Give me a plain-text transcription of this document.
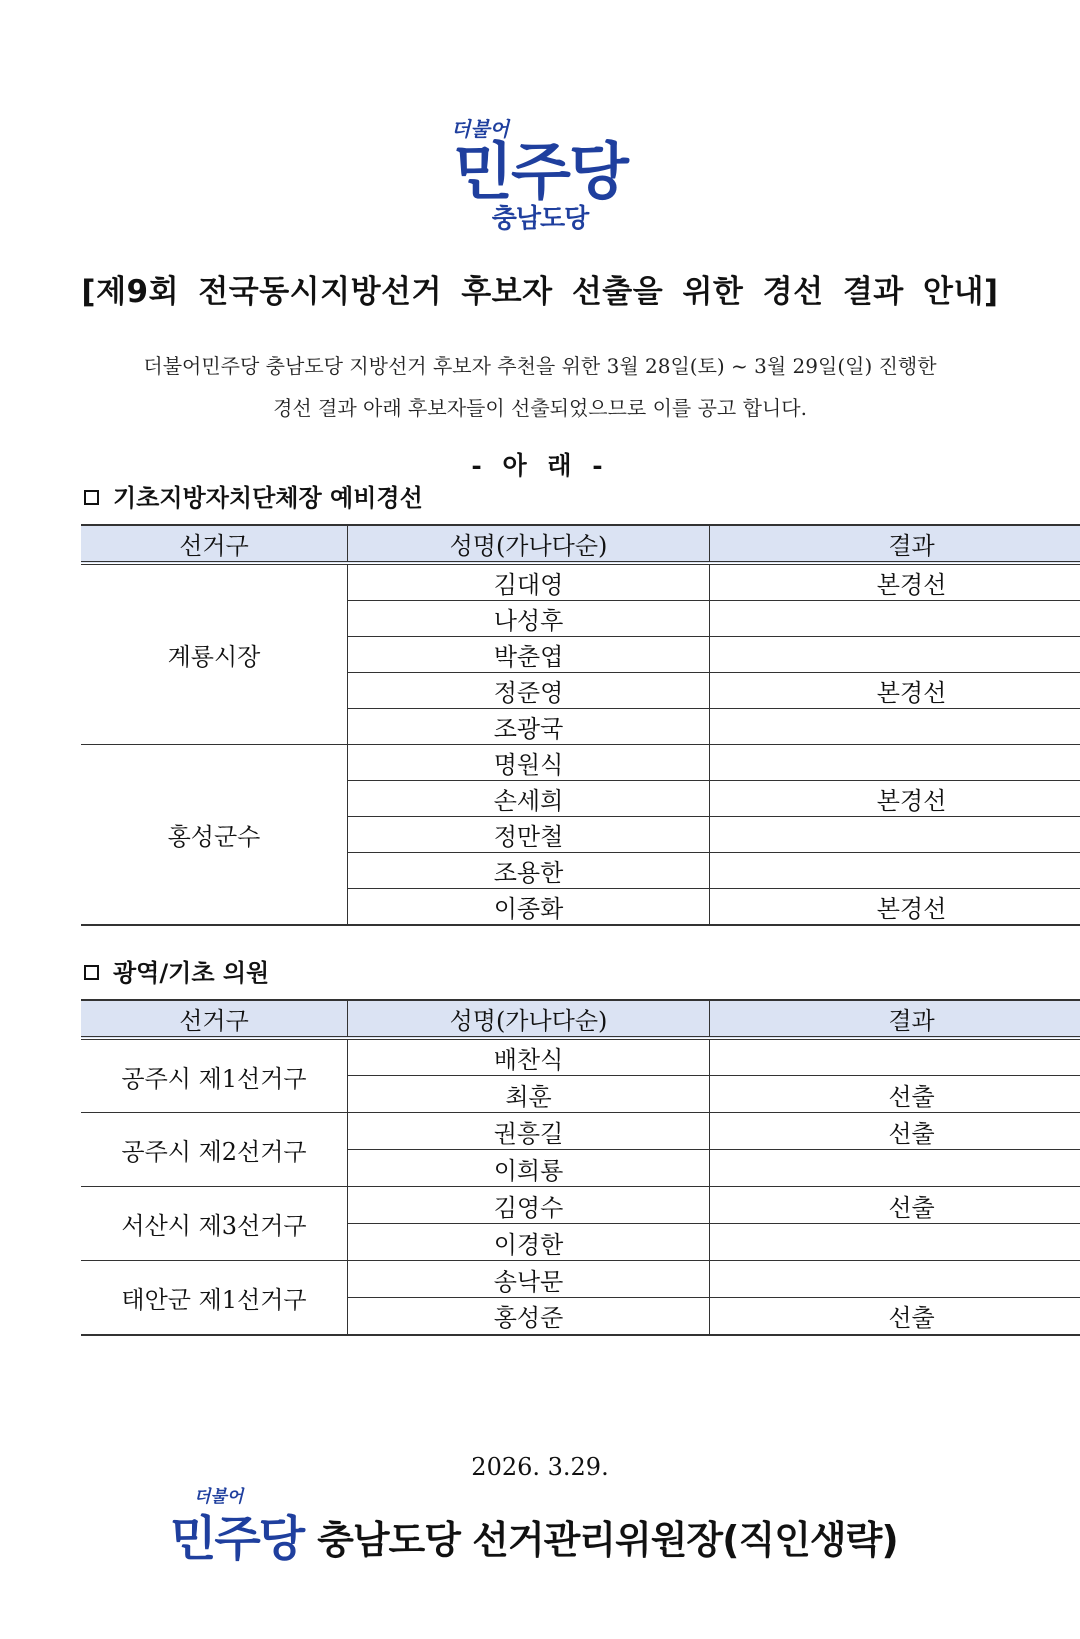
더불어
민주당
충남도당
[제9회 전국동시지방선거 후보자 선출을 위한 경선 결과 안내]
더불어민주당 충남도당 지방선거 후보자 추천을 위한 3월 28일(토) ~ 3월 29일(일) 진행한
경선 결과 아래 후보자들이 선출되었으므로 이를 공고 합니다.
- 아 래 -
기초지방자치단체장 예비경선
선거구	성명(가나다순)	결과
계룡시장	김대영	본경선
	나성후	
	박춘엽	
	정준영	본경선
	조광국	
홍성군수	명원식	
	손세희	본경선
	정만철	
	조용한	
	이종화	본경선
광역/기초 의원
선거구	성명(가나다순)	결과
공주시 제1선거구	배찬식	
	최훈	선출
공주시 제2선거구	권흥길	선출
	이희룡	
서산시 제3선거구	김영수	선출
	이경한	
태안군 제1선거구	송낙문	
	홍성준	선출
2026. 3.29.
더불어
민주당 충남도당 선거관리위원장(직인생략)
